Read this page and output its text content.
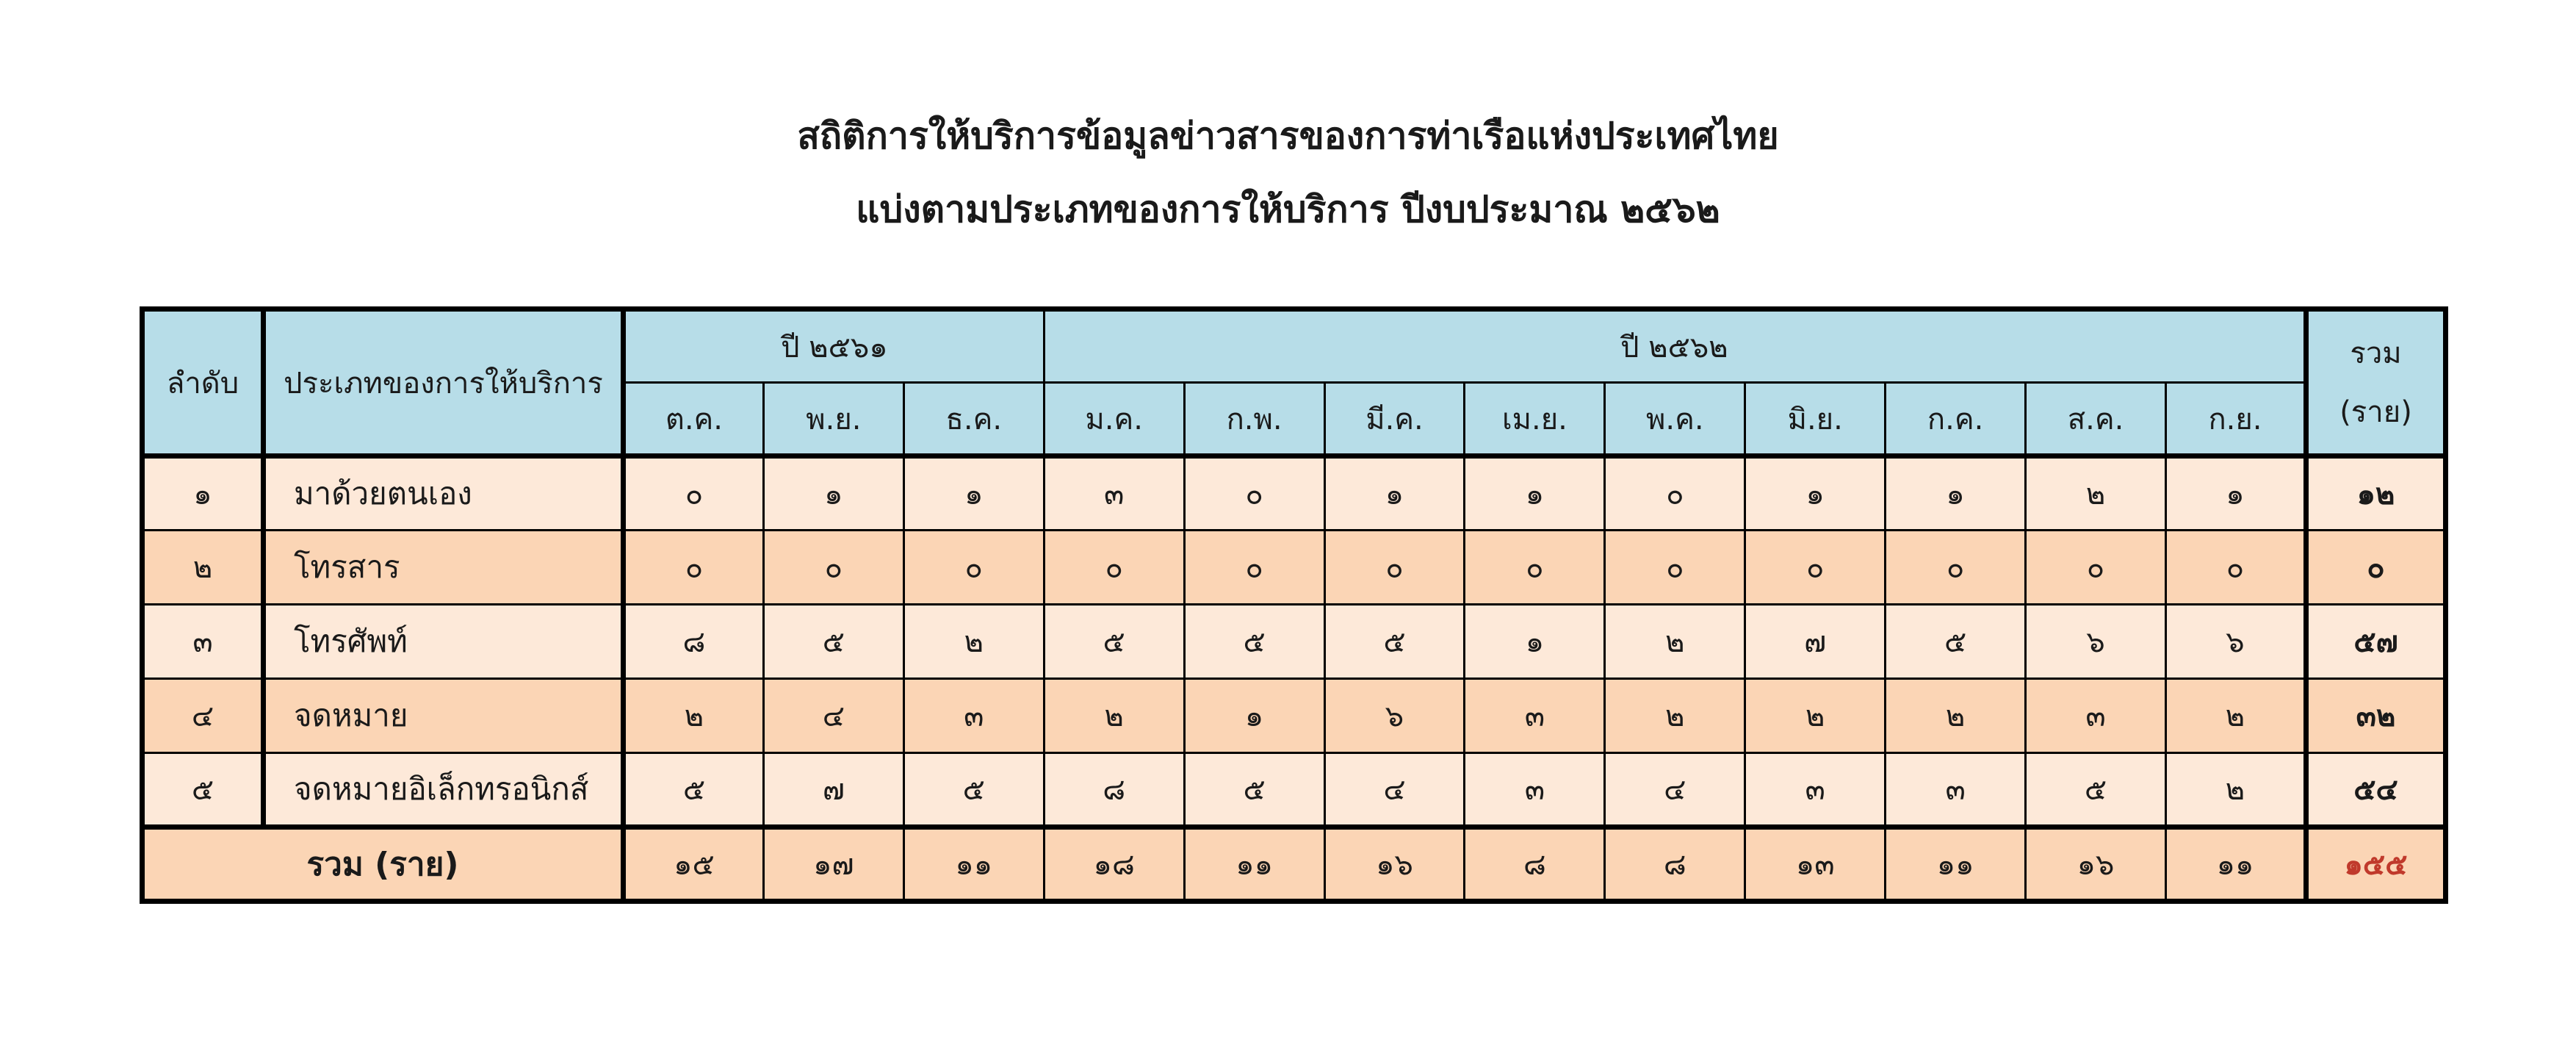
สถิติการให้บริการข้อมูลข่าวสารของการท่าเรือแห่งประเทศไทย
แบ่งตามประเภทของการให้บริการ ปีงบประมาณ ๒๕๖๒
ลำดับ	ประเภทของการให้บริการ	ปี ๒๕๖๑			ปี ๒๕๖๒									รวม
(ราย)

		ต.ค.	พ.ย.	ธ.ค.	ม.ค.	ก.พ.	มี.ค.	เม.ย.	พ.ค.	มิ.ย.	ก.ค.	ส.ค.	ก.ย.	
๑	มาด้วยตนเอง	๐	๑	๑	๓	๐	๑	๑	๐	๑	๑	๒	๑	๑๒
๒	โทรสาร	๐	๐	๐	๐	๐	๐	๐	๐	๐	๐	๐	๐	๐
๓	โทรศัพท์	๘	๕	๒	๕	๕	๕	๑	๒	๗	๕	๖	๖	๕๗
๔	จดหมาย	๒	๔	๓	๒	๑	๖	๓	๒	๒	๒	๓	๒	๓๒
๕	จดหมายอิเล็กทรอนิกส์	๕	๗	๕	๘	๕	๔	๓	๔	๓	๓	๕	๒	๕๔
รวม (ราย)		๑๕	๑๗	๑๑	๑๘	๑๑	๑๖	๘	๘	๑๓	๑๑	๑๖	๑๑	๑๕๕
